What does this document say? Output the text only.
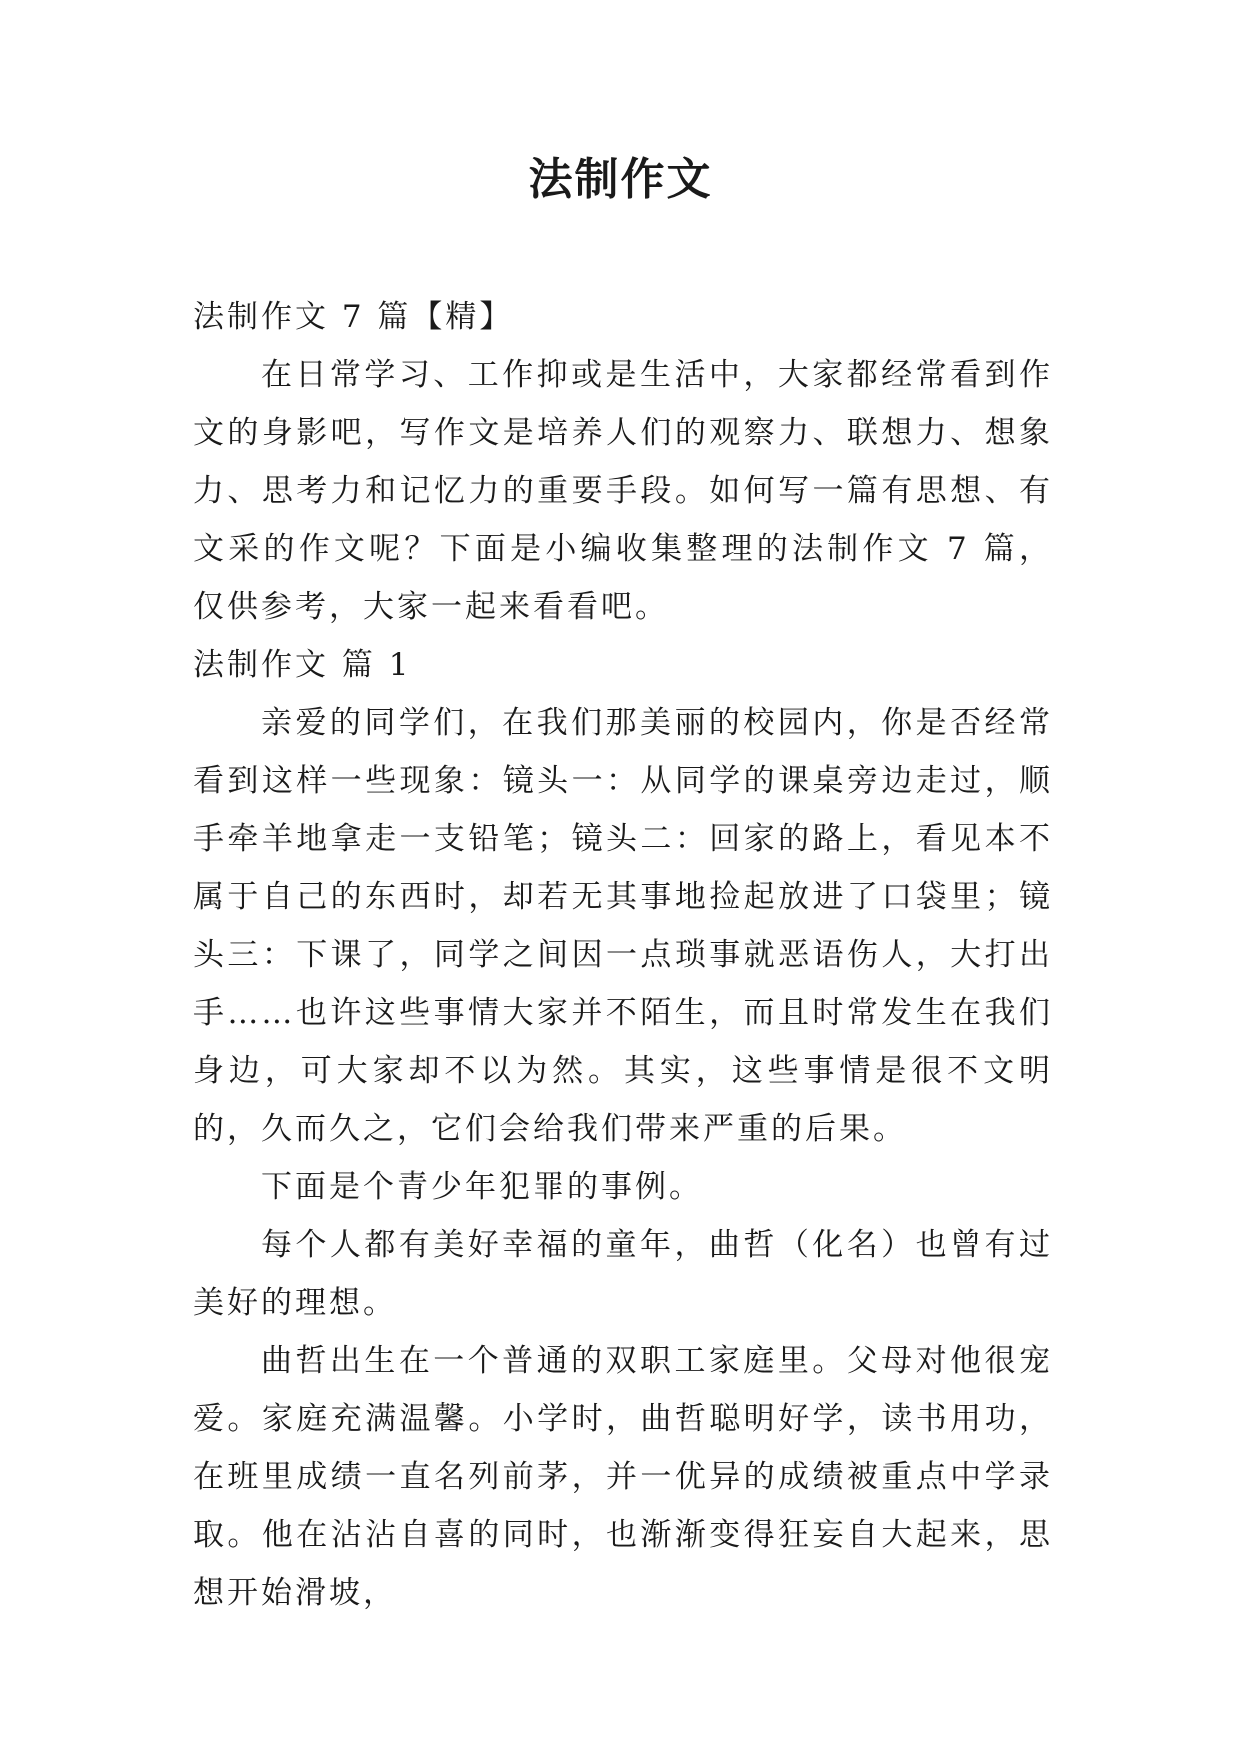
法制作文

法制作文 7 篇【精】

在日常学习、工作抑或是生活中，大家都经常看到作文的身影吧，写作文是培养人们的观察力、联想力、想象力、思考力和记忆力的重要手段。如何写一篇有思想、有文采的作文呢？下面是小编收集整理的法制作文 7 篇，仅供参考，大家一起来看看吧。

法制作文 篇 1

亲爱的同学们，在我们那美丽的校园内，你是否经常看到这样一些现象：镜头一：从同学的课桌旁边走过，顺手牵羊地拿走一支铅笔；镜头二：回家的路上，看见本不属于自己的东西时，却若无其事地捡起放进了口袋里；镜头三：下课了，同学之间因一点琐事就恶语伤人，大打出手……也许这些事情大家并不陌生，而且时常发生在我们身边，可大家却不以为然。其实，这些事情是很不文明的，久而久之，它们会给我们带来严重的后果。

下面是个青少年犯罪的事例。

每个人都有美好幸福的童年，曲哲（化名）也曾有过美好的理想。

曲哲出生在一个普通的双职工家庭里。父母对他很宠爱。家庭充满温馨。小学时，曲哲聪明好学，读书用功，在班里成绩一直名列前茅，并一优异的成绩被重点中学录取。他在沾沾自喜的同时，也渐渐变得狂妄自大起来，思想开始滑坡，
